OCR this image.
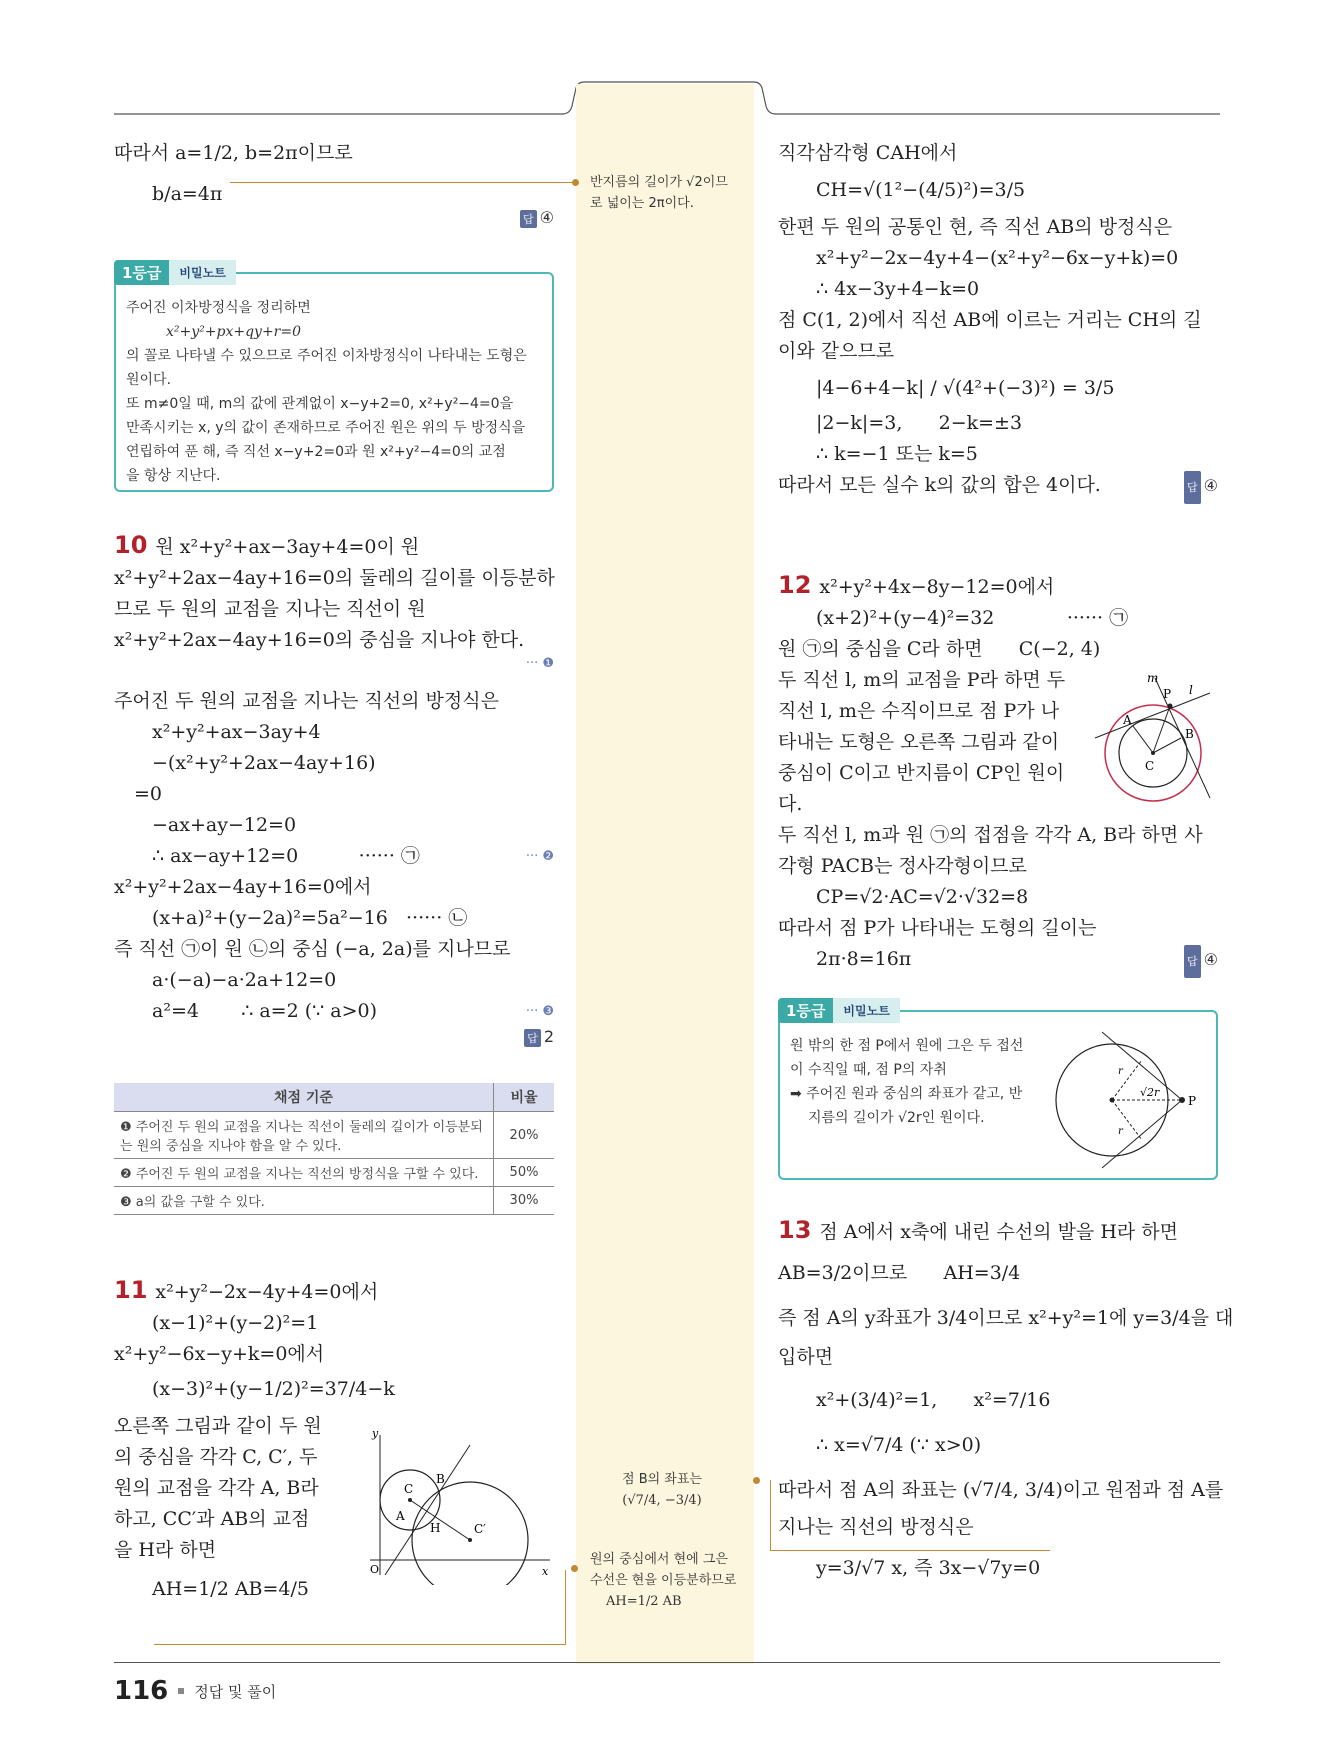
반지름의 길이가 √2이므
로 넓이는 2π이다.
점 B의 좌표는
(√7/4, −3/4)
원의 중심에서 현에 그은
수선은 현을 이등분하므로
AH=1/2 AB
따라서 a=1/2, b=2π이므로
b/a=4π
답 ④
1등급	비밀노트
주어진 이차방정식을 정리하면
x²+y²+px+qy+r=0
의 꼴로 나타낼 수 있으므로 주어진 이차방정식이 나타내는 도형은
원이다.
또 m≠0일 때, m의 값에 관계없이 x−y+2=0, x²+y²−4=0을
만족시키는 x, y의 값이 존재하므로 주어진 원은 위의 두 방정식을
연립하여 푼 해, 즉 직선 x−y+2=0과 원 x²+y²−4=0의 교점
을 항상 지난다.
10 원 x²+y²+ax−3ay+4=0이 원
x²+y²+2ax−4ay+16=0의 둘레의 길이를 이등분하
므로 두 원의 교점을 지나는 직선이 원
x²+y²+2ax−4ay+16=0의 중심을 지나야 한다.
··· ❶
주어진 두 원의 교점을 지나는 직선의 방정식은
x²+y²+ax−3ay+4
−(x²+y²+2ax−4ay+16)
=0
−ax+ay−12=0
∴ ax−ay+12=0          ······ ㉠	··· ❷
x²+y²+2ax−4ay+16=0에서
(x+a)²+(y−2a)²=5a²−16   ······ ㉡
즉 직선 ㉠이 원 ㉡의 중심 (−a, 2a)를 지나므로
a·(−a)−a·2a+12=0
a²=4       ∴ a=2 (∵ a>0)	··· ❸
답 2
채점 기준	비율
❶ 주어진 두 원의 교점을 지나는 직선이 둘레의 길이가 이등분되는 원의 중심을 지나야 함을 알 수 있다.	20%
❷ 주어진 두 원의 교점을 지나는 직선의 방정식을 구할 수 있다.	50%
❸ a의 값을 구할 수 있다.	30%
11 x²+y²−2x−4y+4=0에서
(x−1)²+(y−2)²=1
x²+y²−6x−y+k=0에서
(x−3)²+(y−1/2)²=37/4−k
오른쪽 그림과 같이 두 원
의 중심을 각각 C, C′, 두
원의 교점을 각각 A, B라
하고, CC′과 AB의 교점
을 H라 하면
AH=1/2 AB=4/5
C
B
A
H	C′
O	x
y
직각삼각형 CAH에서
CH=√(1²−(4/5)²)=3/5
한편 두 원의 공통인 현, 즉 직선 AB의 방정식은
x²+y²−2x−4y+4−(x²+y²−6x−y+k)=0
∴ 4x−3y+4−k=0
점 C(1, 2)에서 직선 AB에 이르는 거리는 CH의 길
이와 같으므로
|4−6+4−k| / √(4²+(−3)²) = 3/5
|2−k|=3,      2−k=±3
∴ k=−1 또는 k=5
따라서 모든 실수 k의 값의 합은 4이다.	답 ④
12 x²+y²+4x−8y−12=0에서
(x+2)²+(y−4)²=32            ······ ㉠
원 ㉠의 중심을 C라 하면      C(−2, 4)
두 직선 l, m의 교점을 P라 하면 두
직선 l, m은 수직이므로 점 P가 나
타내는 도형은 오른쪽 그림과 같이
중심이 C이고 반지름이 CP인 원이
다.
두 직선 l, m과 원 ㉠의 접점을 각각 A, B라 하면 사
각형 PACB는 정사각형이므로
CP=√2·AC=√2·√32=8
따라서 점 P가 나타내는 도형의 길이는
2π·8=16π	답 ④
C
A
B
P
m
l
1등급	비밀노트
원 밖의 한 점 P에서 원에 그은 두 접선
이 수직일 때, 점 P의 자취
➡ 주어진 원과 중심의 좌표가 같고, 반
지름의 길이가 √2r인 원이다.
P
√2r
r
r
13 점 A에서 x축에 내린 수선의 발을 H라 하면
AB=3/2이므로      AH=3/4
즉 점 A의 y좌표가 3/4이므로 x²+y²=1에 y=3/4을 대
입하면
x²+(3/4)²=1,      x²=7/16
∴ x=√7/4 (∵ x>0)
따라서 점 A의 좌표는 (√7/4, 3/4)이고 원점과 점 A를
지나는 직선의 방정식은
y=3/√7 x, 즉 3x−√7y=0
116 정답 및 풀이
